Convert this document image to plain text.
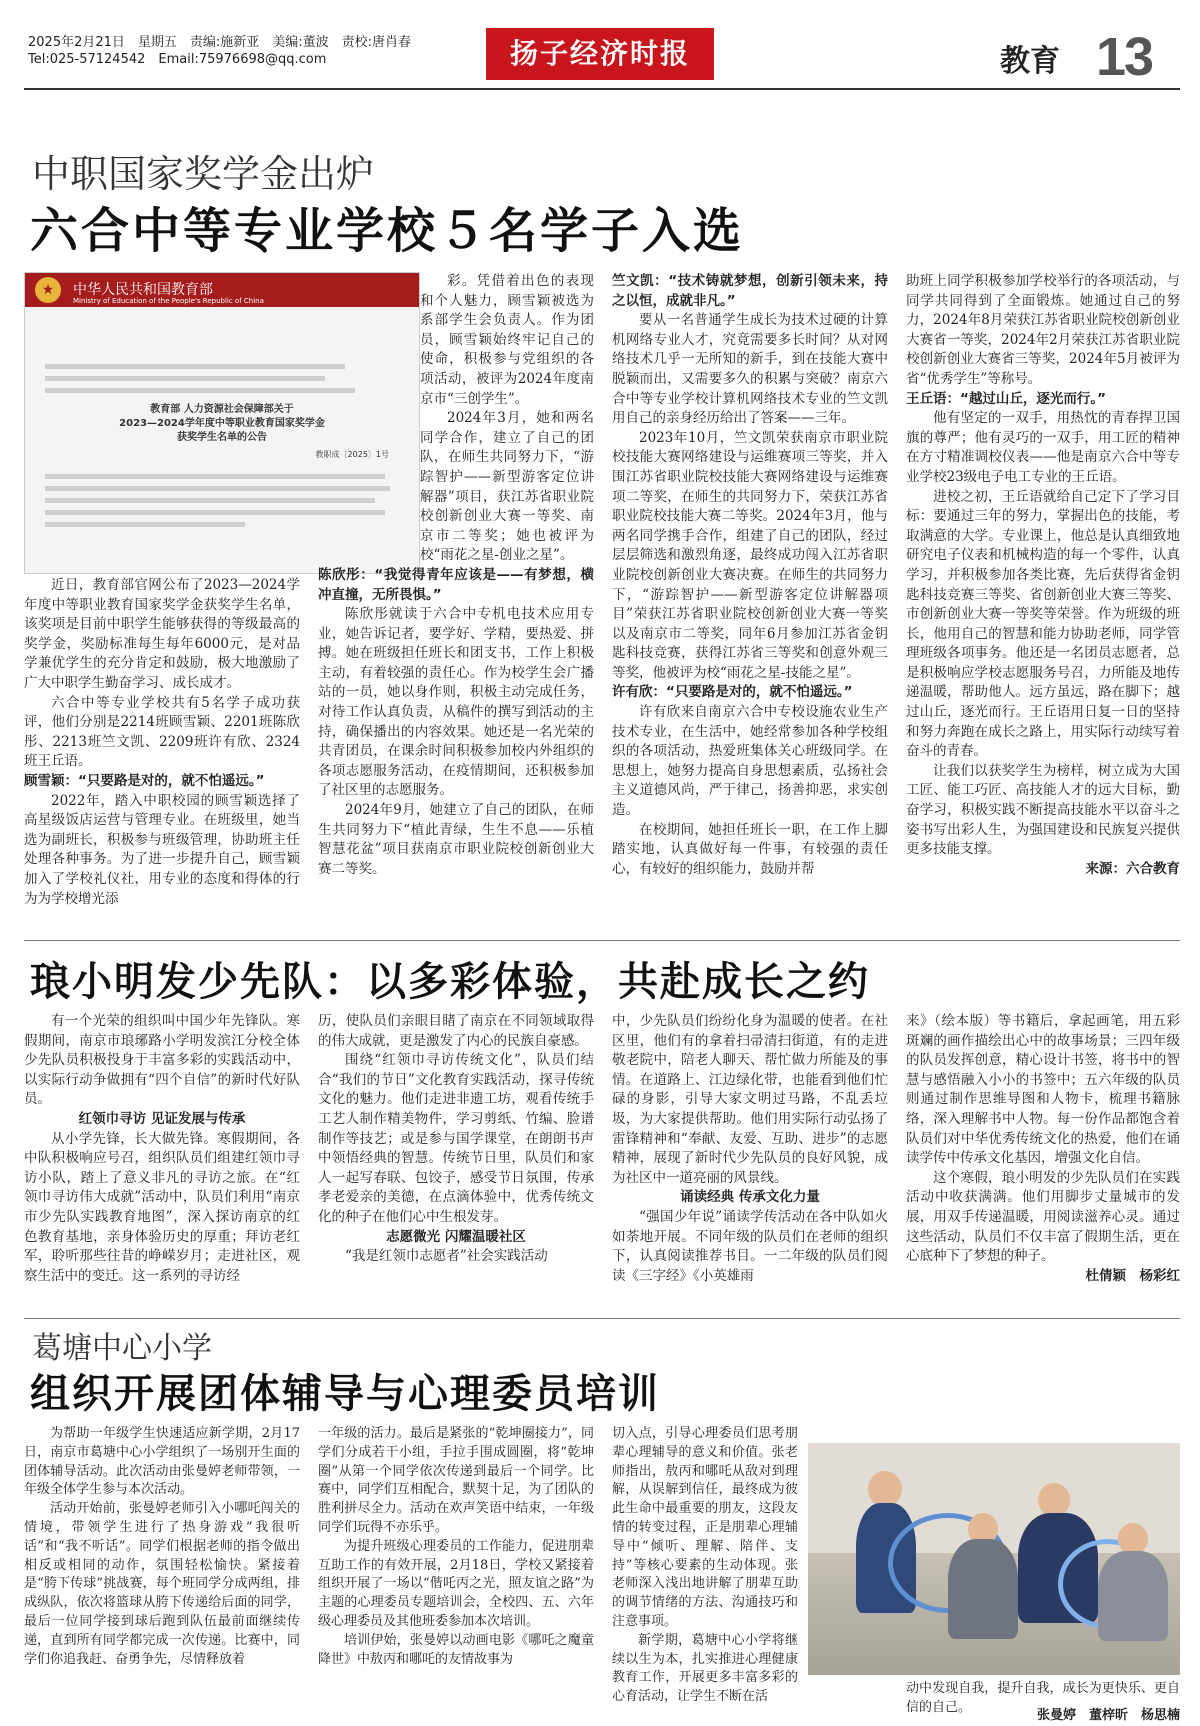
2025年2月21日　星期五　责编:施新亚　美编:董波　责校:唐肖春
Tel:025-57124542　Email:75976698@qq.com	扬子经济时报	教育 13
中职国家奖学金出炉
六合中等专业学校５名学子入选
★	中华人民共和国教育部
Ministry of Education of the People's Republic of China
教育部 人力资源社会保障部关于
2023—2024学年度中等职业教育国家奖学金
获奖学生名单的公告
教职成〔2025〕1号

近日，教育部官网公布了2023—2024学年度中等职业教育国家奖学金获奖学生名单，该奖项是目前中职学生能够获得的等级最高的奖学金，奖励标准每生每年6000元，是对品学兼优学生的充分肯定和鼓励，极大地激励了广大中职学生勤奋学习、成长成才。

六合中等专业学校共有5名学子成功获评，他们分别是2214班顾雪颖、2201班陈欣彤、2213班竺文凯、2209班许有欣、2324班王丘语。

顾雪颖：“只要路是对的，就不怕遥远。”

2022年，踏入中职校园的顾雪颖选择了高星级饭店运营与管理专业。在班级里，她当选为副班长，积极参与班级管理，协助班主任处理各种事务。为了进一步提升自己，顾雪颖加入了学校礼仪社，用专业的态度和得体的行为为学校增光添

彩。凭借着出色的表现和个人魅力，顾雪颖被选为系部学生会负责人。作为团员，顾雪颖始终牢记自己的使命，积极参与党组织的各项活动，被评为2024年度南京市“三创学生”。

2024年3月，她和两名同学合作，建立了自己的团队，在师生共同努力下，“游踪智护——新型游客定位讲解器”项目，获江苏省职业院校创新创业大赛一等奖、南京市二等奖；她也被评为校“雨花之星-创业之星”。

陈欣彤：“我觉得青年应该是——有梦想，横冲直撞，无所畏惧。”

陈欣彤就读于六合中专机电技术应用专业，她告诉记者，要学好、学精，要热爱、拼搏。她在班级担任班长和团支书，工作上积极主动，有着较强的责任心。作为校学生会广播站的一员，她以身作则，积极主动完成任务，对待工作认真负责，从稿件的撰写到活动的主持，确保播出的内容效果。她还是一名光荣的共青团员，在课余时间积极参加校内外组织的各项志愿服务活动，在疫情期间，还积极参加了社区里的志愿服务。

2024年9月，她建立了自己的团队，在师生共同努力下“植此青绿，生生不息——乐植智慧花盆”项目获南京市职业院校创新创业大赛二等奖。

竺文凯：“技术铸就梦想，创新引领未来，持之以恒，成就非凡。”

要从一名普通学生成长为技术过硬的计算机网络专业人才，究竟需要多长时间？从对网络技术几乎一无所知的新手，到在技能大赛中脱颖而出，又需要多久的积累与突破？南京六合中等专业学校计算机网络技术专业的竺文凯用自己的亲身经历给出了答案——三年。

2023年10月，竺文凯荣获南京市职业院校技能大赛网络建设与运维赛项三等奖，并入围江苏省职业院校技能大赛网络建设与运维赛项二等奖，在师生的共同努力下，荣获江苏省职业院校技能大赛二等奖。2024年3月，他与两名同学携手合作，组建了自己的团队，经过层层筛选和激烈角逐，最终成功闯入江苏省职业院校创新创业大赛决赛。在师生的共同努力下，“游踪智护——新型游客定位讲解器项目”荣获江苏省职业院校创新创业大赛一等奖以及南京市二等奖，同年6月参加江苏省金钥匙科技竞赛，获得江苏省三等奖和创意外观三等奖，他被评为校“雨花之星-技能之星”。

许有欣：“只要路是对的，就不怕遥远。”

许有欣来自南京六合中专校设施农业生产技术专业，在生活中，她经常参加各种学校组织的各项活动，热爱班集体关心班级同学。在思想上，她努力提高自身思想素质，弘扬社会主义道德风尚，严于律己，扬善抑恶，求实创造。

在校期间，她担任班长一职，在工作上脚踏实地，认真做好每一件事，有较强的责任心，有较好的组织能力，鼓励并帮

助班上同学积极参加学校举行的各项活动，与同学共同得到了全面锻炼。她通过自己的努力，2024年8月荣获江苏省职业院校创新创业大赛省一等奖，2024年2月荣获江苏省职业院校创新创业大赛省三等奖，2024年5月被评为省“优秀学生”等称号。

王丘语：“越过山丘，逐光而行。”

他有坚定的一双手，用热忱的青春捍卫国旗的尊严；他有灵巧的一双手，用工匠的精神在方寸精准调校仪表——他是南京六合中等专业学校23级电子电工专业的王丘语。

进校之初，王丘语就给自己定下了学习目标：要通过三年的努力，掌握出色的技能，考取满意的大学。专业课上，他总是认真细致地研究电子仪表和机械构造的每一个零件，认真学习，并积极参加各类比赛，先后获得省金钥匙科技竞赛三等奖、省创新创业大赛三等奖、市创新创业大赛一等奖等荣誉。作为班级的班长，他用自己的智慧和能力协助老师，同学管理班级各项事务。他还是一名团员志愿者，总是积极响应学校志愿服务号召，力所能及地传递温暖，帮助他人。远方虽远，路在脚下；越过山丘，逐光而行。王丘语用日复一日的坚持和努力奔跑在成长之路上，用实际行动续写着奋斗的青春。

让我们以获奖学生为榜样，树立成为大国工匠、能工巧匠、高技能人才的远大目标，勤奋学习，积极实践不断提高技能水平以奋斗之姿书写出彩人生，为强国建设和民族复兴提供更多技能支撑。

来源：六合教育

琅小明发少先队：以多彩体验，共赴成长之约

有一个光荣的组织叫中国少年先锋队。寒假期间，南京市琅琊路小学明发滨江分校全体少先队员积极投身于丰富多彩的实践活动中，以实际行动争做拥有“四个自信”的新时代好队员。

红领巾寻访 见证发展与传承

从小学先锋，长大做先锋。寒假期间，各中队积极响应号召，组织队员们组建红领巾寻访小队，踏上了意义非凡的寻访之旅。在“红领巾寻访伟大成就”活动中，队员们利用“南京市少先队实践教育地图”，深入探访南京的红色教育基地，亲身体验历史的厚重；拜访老红军，聆听那些往昔的峥嵘岁月；走进社区，观察生活中的变迁。这一系列的寻访经

历，使队员们亲眼目睹了南京在不同领域取得的伟大成就，更是激发了内心的民族自豪感。

围绕“红领巾寻访传统文化”，队员们结合“我们的节日”文化教育实践活动，探寻传统文化的魅力。他们走进非遗工坊，观看传统手工艺人制作精美物件，学习剪纸、竹编、脸谱制作等技艺；或是参与国学课堂，在朗朗书声中领悟经典的智慧。传统节日里，队员们和家人一起写春联、包饺子，感受节日氛围，传承孝老爱亲的美德，在点滴体验中，优秀传统文化的种子在他们心中生根发芽。

志愿微光 闪耀温暖社区

“我是红领巾志愿者”社会实践活动

中，少先队员们纷纷化身为温暖的使者。在社区里，他们有的拿着扫帚清扫街道，有的走进敬老院中，陪老人聊天、帮忙做力所能及的事情。在道路上、江边绿化带，也能看到他们忙碌的身影，引导大家文明过马路，不乱丢垃圾，为大家提供帮助。他们用实际行动弘扬了雷锋精神和“奉献、友爱、互助、进步”的志愿精神，展现了新时代少先队员的良好风貌，成为社区中一道亮丽的风景线。

诵读经典 传承文化力量

“强国少年说”诵读学传活动在各中队如火如荼地开展。不同年级的队员们在老师的组织下，认真阅读推荐书目。一二年级的队员们阅读《三字经》《小英雄雨

来》（绘本版）等书籍后，拿起画笔，用五彩斑斓的画作描绘出心中的故事场景；三四年级的队员发挥创意，精心设计书签，将书中的智慧与感悟融入小小的书签中；五六年级的队员则通过制作思维导图和人物卡，梳理书籍脉络，深入理解书中人物。每一份作品都饱含着队员们对中华优秀传统文化的热爱，他们在诵读学传中传承文化基因，增强文化自信。

这个寒假，琅小明发的少先队员们在实践活动中收获满满。他们用脚步丈量城市的发展，用双手传递温暖，用阅读滋养心灵。通过这些活动，队员们不仅丰富了假期生活，更在心底种下了梦想的种子。

杜倩颖　杨彩红

葛塘中心小学
组织开展团体辅导与心理委员培训

为帮助一年级学生快速适应新学期，2月17日，南京市葛塘中心小学组织了一场别开生面的团体辅导活动。此次活动由张曼婷老师带领，一年级全体学生参与本次活动。

活动开始前，张曼婷老师引入小哪吒闯关的情境，带领学生进行了热身游戏“我很听话”和“我不听话”。同学们根据老师的指令做出相反或相同的动作，氛围轻松愉快。紧接着是“胯下传球”挑战赛，每个班同学分成两组，排成纵队，依次将篮球从胯下传递给后面的同学，最后一位同学接到球后跑到队伍最前面继续传递，直到所有同学都完成一次传递。比赛中，同学们你追我赶、奋勇争先，尽情释放着

一年级的活力。最后是紧张的“乾坤圈接力”，同学们分成若干小组，手拉手围成圆圈，将“乾坤圈”从第一个同学依次传递到最后一个同学。比赛中，同学们互相配合，默契十足，为了团队的胜利拼尽全力。活动在欢声笑语中结束，一年级同学们玩得不亦乐乎。

为提升班级心理委员的工作能力，促进朋辈互助工作的有效开展，2月18日，学校又紧接着组织开展了一场以“偕吒丙之光，照友谊之路”为主题的心理委员专题培训会，全校四、五、六年级心理委员及其他班委参加本次培训。

培训伊始，张曼婷以动画电影《哪吒之魔童降世》中敖丙和哪吒的友情故事为

切入点，引导心理委员们思考朋辈心理辅导的意义和价值。张老师指出，敖丙和哪吒从敌对到理解，从误解到信任，最终成为彼此生命中最重要的朋友，这段友情的转变过程，正是朋辈心理辅导中“倾听、理解、陪伴、支持”等核心要素的生动体现。张老师深入浅出地讲解了朋辈互助的调节情绪的方法、沟通技巧和注意事项。

新学期，葛塘中心小学将继续以生为本，扎实推进心理健康教育工作，开展更多丰富多彩的心育活动，让学生不断在活

动中发现自我，提升自我，成长为更快乐、更自信的自己。

张曼婷　董梓昕　杨思楠
